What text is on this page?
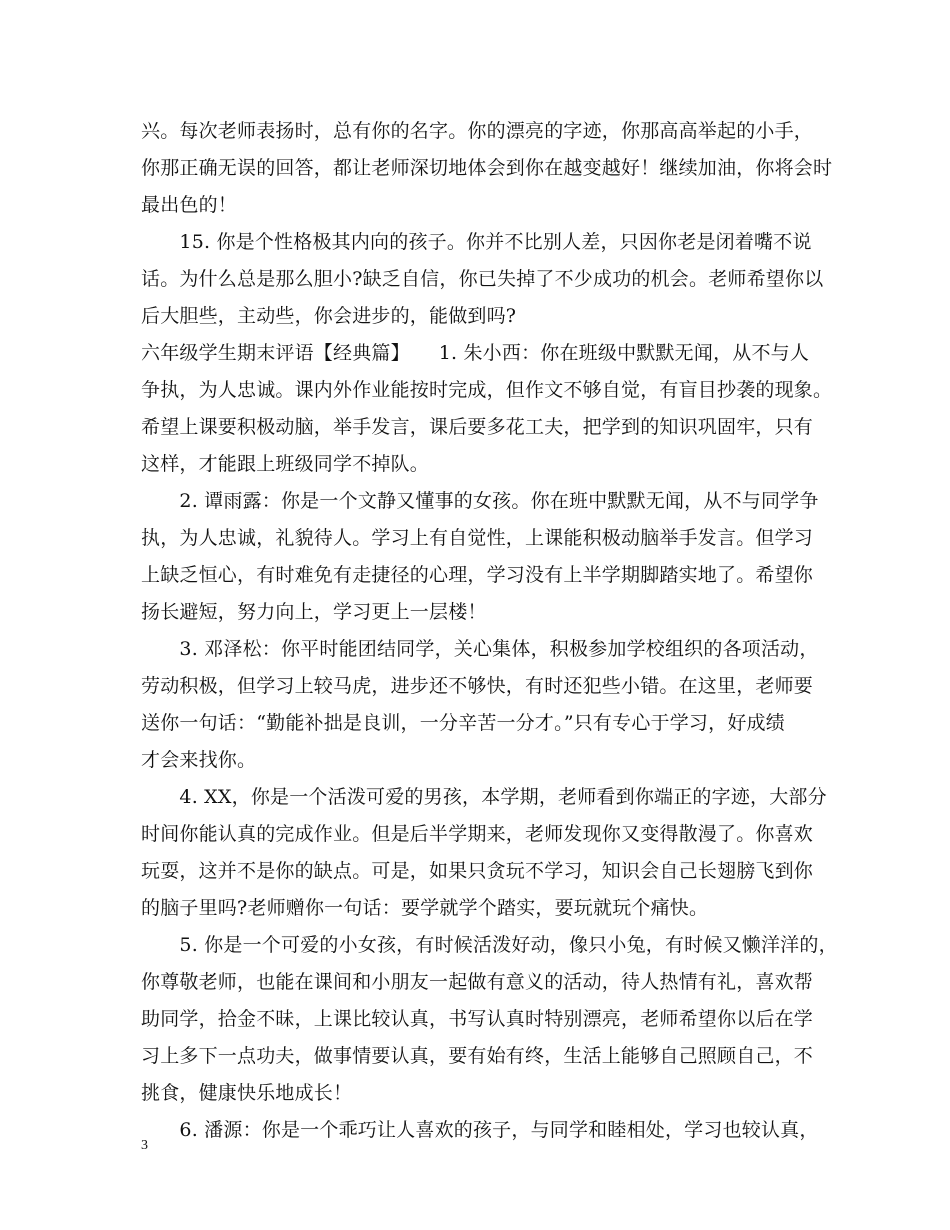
兴。每次老师表扬时，总有你的名字。你的漂亮的字迹，你那高高举起的小手，
你那正确无误的回答，都让老师深切地体会到你在越变越好！继续加油，你将会时
最出色的！
　　15. 你是个性格极其内向的孩子。你并不比别人差，只因你老是闭着嘴不说
话。为什么总是那么胆小?缺乏自信，你已失掉了不少成功的机会。老师希望你以
后大胆些，主动些，你会进步的，能做到吗?
六年级学生期末评语【经典篇】　　1. 朱小西：你在班级中默默无闻，从不与人
争执，为人忠诚。课内外作业能按时完成，但作文不够自觉，有盲目抄袭的现象。
希望上课要积极动脑，举手发言，课后要多花工夫，把学到的知识巩固牢，只有
这样，才能跟上班级同学不掉队。
　　2. 谭雨露：你是一个文静又懂事的女孩。你在班中默默无闻，从不与同学争
执，为人忠诚，礼貌待人。学习上有自觉性，上课能积极动脑举手发言。但学习
上缺乏恒心，有时难免有走捷径的心理，学习没有上半学期脚踏实地了。希望你
扬长避短，努力向上，学习更上一层楼！
　　3. 邓泽松：你平时能团结同学，关心集体，积极参加学校组织的各项活动，
劳动积极，但学习上较马虎，进步还不够快，有时还犯些小错。在这里，老师要
送你一句话：“勤能补拙是良训，一分辛苦一分才。”只有专心于学习，好成绩
才会来找你。
　　4. XX，你是一个活泼可爱的男孩，本学期，老师看到你端正的字迹，大部分
时间你能认真的完成作业。但是后半学期来，老师发现你又变得散漫了。你喜欢
玩耍，这并不是你的缺点。可是，如果只贪玩不学习，知识会自己长翅膀飞到你
的脑子里吗?老师赠你一句话：要学就学个踏实，要玩就玩个痛快。
　　5. 你是一个可爱的小女孩，有时候活泼好动，像只小兔，有时候又懒洋洋的，
你尊敬老师，也能在课间和小朋友一起做有意义的活动，待人热情有礼，喜欢帮
助同学，拾金不昧，上课比较认真，书写认真时特别漂亮，老师希望你以后在学
习上多下一点功夫，做事情要认真，要有始有终，生活上能够自己照顾自己，不
挑食，健康快乐地成长！
　　6. 潘源：你是一个乖巧让人喜欢的孩子，与同学和睦相处，学习也较认真，
3
